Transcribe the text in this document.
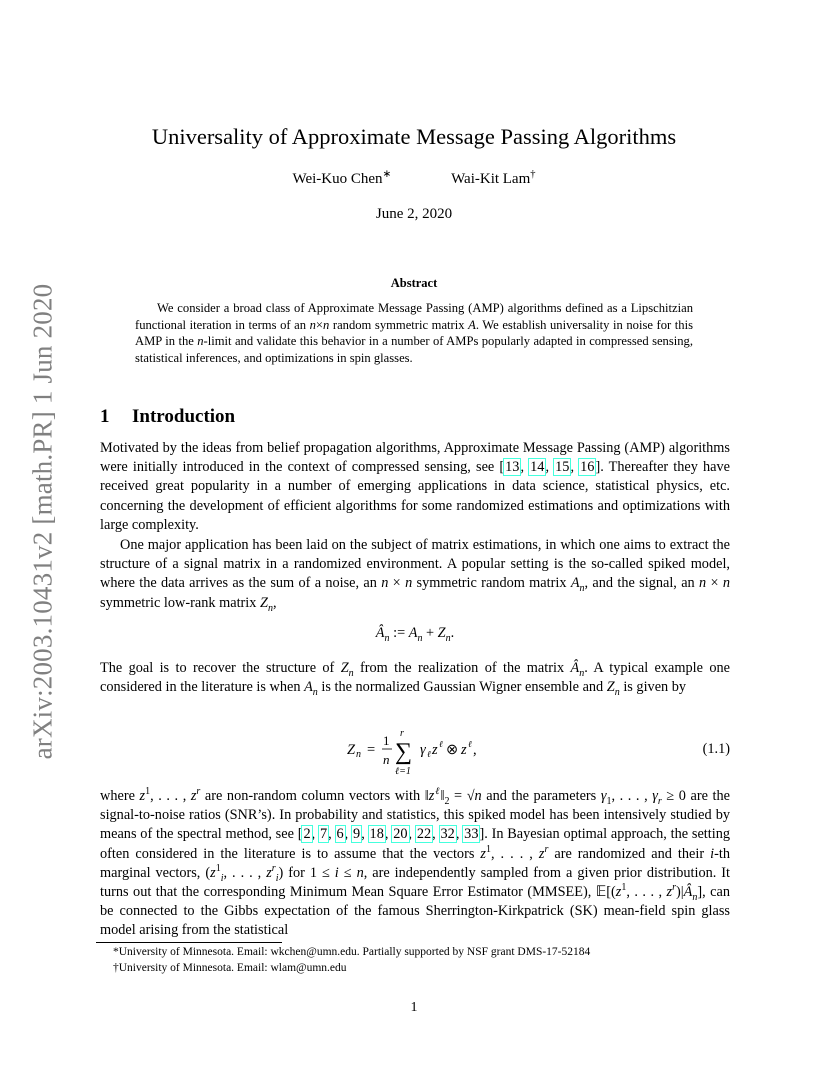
arXiv:2003.10431v2 [math.PR] 1 Jun 2020
Universality of Approximate Message Passing Algorithms
Wei-Kuo Chen∗	Wai-Kit Lam†
June 2, 2020
Abstract
We consider a broad class of Approximate Message Passing (AMP) algorithms defined as a Lipschitzian functional iteration in terms of an n×n random symmetric matrix A. We establish universality in noise for this AMP in the n-limit and validate this behavior in a number of AMPs popularly adapted in compressed sensing, statistical inferences, and optimizations in spin glasses.
1 Introduction
Motivated by the ideas from belief propagation algorithms, Approximate Message Passing (AMP) algorithms were initially introduced in the context of compressed sensing, see [13, 14, 15, 16]. Thereafter they have received great popularity in a number of emerging applications in data science, statistical physics, etc. concerning the development of efficient algorithms for some randomized estimations and optimizations with large complexity.
One major application has been laid on the subject of matrix estimations, in which one aims to extract the structure of a signal matrix in a randomized environment. A popular setting is the so-called spiked model, where the data arrives as the sum of a noise, an n × n symmetric random matrix $A_n$, and the signal, an n × n symmetric low-rank matrix $Z_n$,
$Â_n$ := $A_n + Z_n$.
The goal is to recover the structure of $Z_n$ from the realization of the matrix $Â_n$. A typical example one considered in the literature is when $A_n$ is the normalized Gaussian Wigner ensemble and $Z_n$ is given by
Z n =
1
n
r
∑
ℓ=1
γ ℓ z ℓ ⊗ z ℓ ,	(1.1)
where $z^1$, . . . , $z^r$ are non-random column vectors with $‖z^\ell‖_2 = √n$ and the parameters $\gamma_1$, . . . , $\gamma_r \ge 0$ are the signal-to-noise ratios (SNR’s). In probability and statistics, this spiked model has been intensively studied by means of the spectral method, see [2, 7, 6, 9, 18, 20, 22, 32, 33]. In Bayesian optimal approach, the setting often considered in the literature is to assume that the vectors $z^1$, . . . , $z^r$ are randomized and their i-th marginal vectors, ($z^1_i$, . . . , $z^r_i$) for 1 ≤ i ≤ n, are independently sampled from a given prior distribution. It turns out that the corresponding Minimum Mean Square Error Estimator (MMSEE), $𝔼[(z^1$, . . . , $z^r)|Â_n$], can be connected to the Gibbs expectation of the famous Sherrington-Kirkpatrick (SK) mean-field spin glass model arising from the statistical
*University of Minnesota. Email: wkchen@umn.edu. Partially supported by NSF grant DMS-17-52184
†University of Minnesota. Email: wlam@umn.edu
1
